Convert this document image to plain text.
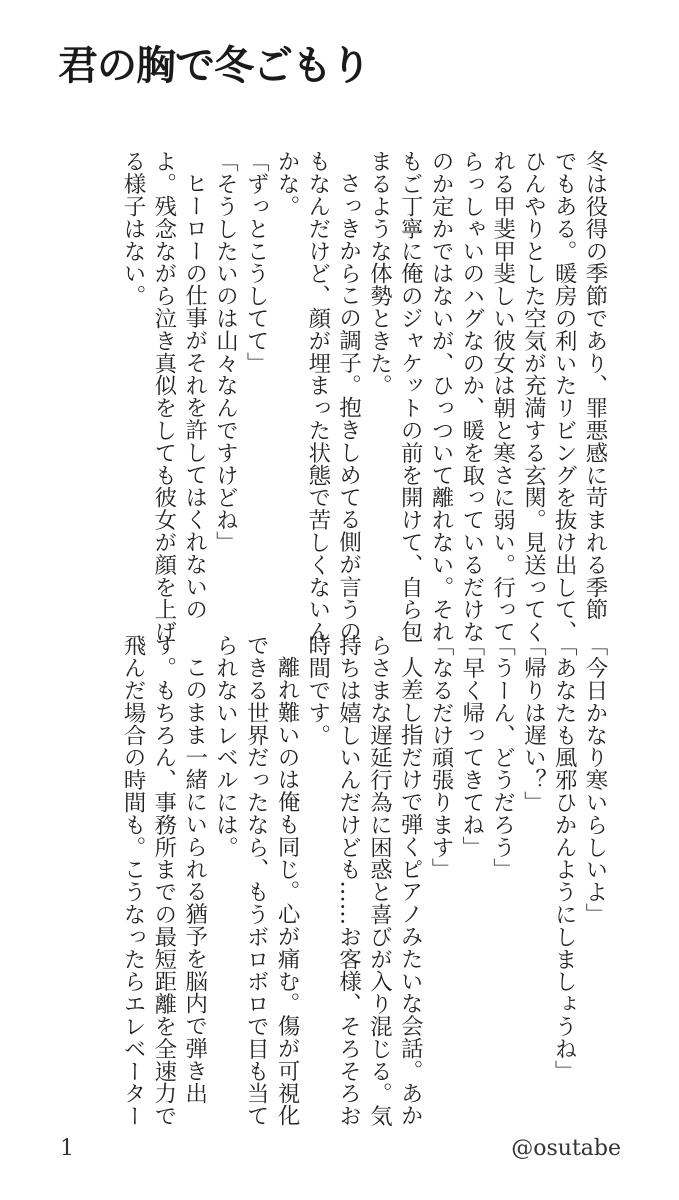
君の胸で冬ごもり

冬は役得の季節であり、罪悪感に苛まれる季節

でもある。暖房の利いたリビングを抜け出して、

ひんやりとした空気が充満する玄関。見送ってく

れる甲斐甲斐しい彼女は朝と寒さに弱い。行って

らっしゃいのハグなのか、暖を取っているだけな

のか定かではないが、ひっついて離れない。それ

もご丁寧に俺のジャケットの前を開けて、自ら包

まるような体勢ときた。

さっきからこの調子。抱きしめてる側が言うの

もなんだけど、顔が埋まった状態で苦しくないん

かな。

「ずっとこうしてて」

「そうしたいのは山々なんですけどね」

ヒーローの仕事がそれを許してはくれないの

よ。残念ながら泣き真似をしても彼女が顔を上げ

る様子はない。

「今日かなり寒いらしいよ」

「あなたも風邪ひかんようにしましょうね」

「帰りは遅い？」

「うーん、どうだろう」

「早く帰ってきてね」

「なるだけ頑張ります」

人差し指だけで弾くピアノみたいな会話。あか

らさまな遅延行為に困惑と喜びが入り混じる。気

持ちは嬉しいんだけども……お客様、そろそろお

時間です。

離れ難いのは俺も同じ。心が痛む。傷が可視化

できる世界だったなら、もうボロボロで目も当て

られないレベルには。

このまま一緒にいられる猶予を脳内で弾き出

す。もちろん、事務所までの最短距離を全速力で

飛んだ場合の時間も。こうなったらエレベーター

1	@osutabe
